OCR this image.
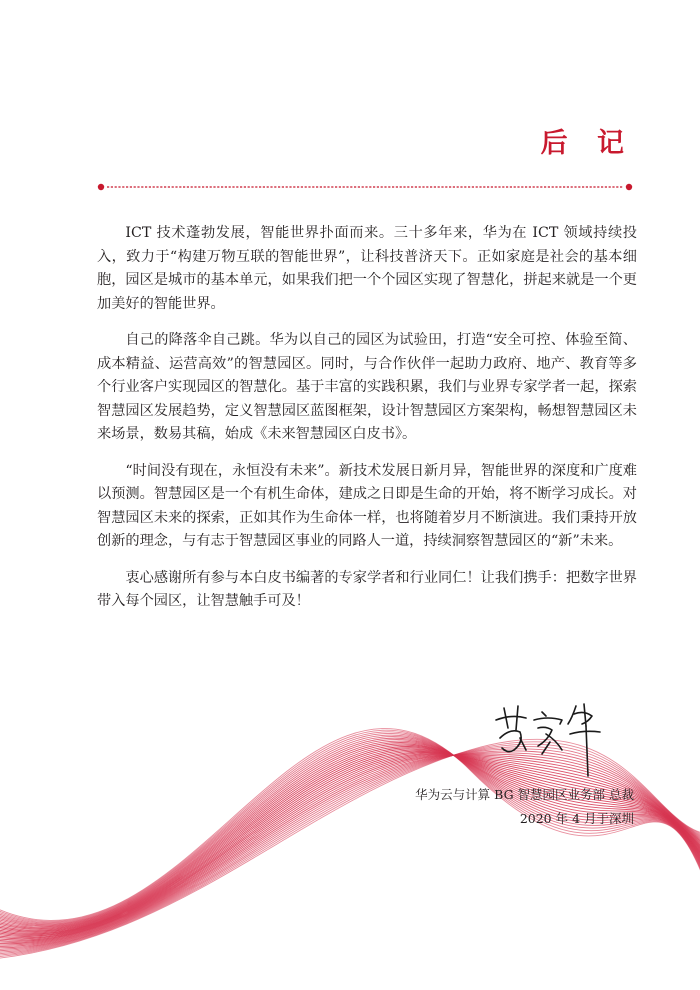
后 记

ICT 技术蓬勃发展，智能世界扑面而来。三十多年来，华为在 ICT 领域持续投入，致力于“构建万物互联的智能世界”，让科技普济天下。正如家庭是社会的基本细胞，园区是城市的基本单元，如果我们把一个个园区实现了智慧化，拼起来就是一个更加美好的智能世界。

自己的降落伞自己跳。华为以自己的园区为试验田，打造“安全可控、体验至简、成本精益、运营高效”的智慧园区。同时，与合作伙伴一起助力政府、地产、教育等多个行业客户实现园区的智慧化。基于丰富的实践积累，我们与业界专家学者一起，探索智慧园区发展趋势，定义智慧园区蓝图框架，设计智慧园区方案架构，畅想智慧园区未来场景，数易其稿，始成《未来智慧园区白皮书》。

“时间没有现在，永恒没有未来”。新技术发展日新月异，智能世界的深度和广度难以预测。智慧园区是一个有机生命体，建成之日即是生命的开始，将不断学习成长。对智慧园区未来的探索，正如其作为生命体一样，也将随着岁月不断演进。我们秉持开放创新的理念，与有志于智慧园区事业的同路人一道，持续洞察智慧园区的“新”未来。

衷心感谢所有参与本白皮书编著的专家学者和行业同仁！让我们携手：把数字世界带入每个园区，让智慧触手可及！

华为云与计算 BG 智慧园区业务部 总裁
2020 年 4 月于深圳
